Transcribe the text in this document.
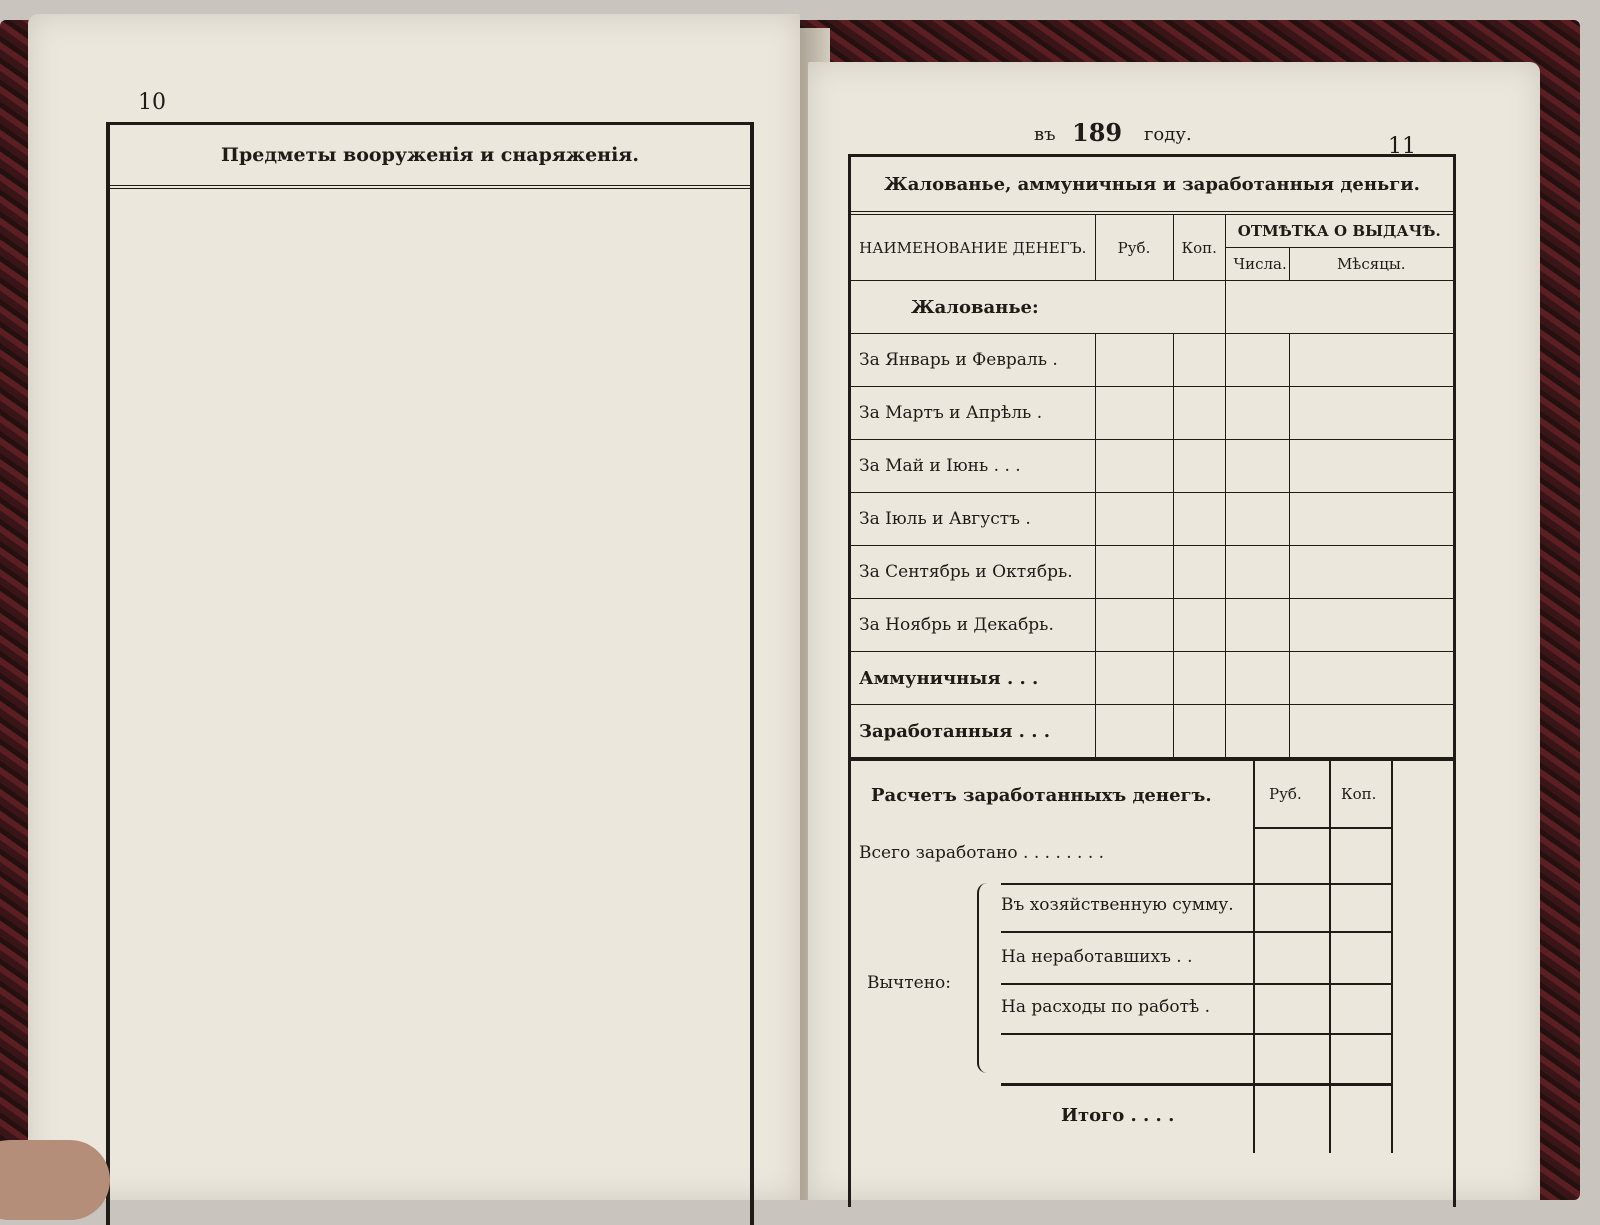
10
Предметы вооруженія и снаряженія.
въ 189 году.	11
Жалованье, аммуничныя и заработанныя деньги.
НАИМЕНОВАНИЕ ДЕНЕГЪ.	Руб.	Коп.	ОТМѢТКА О ВЫДАЧѢ.	
			Числа.	Мѣсяцы.
Жалованье:				
За Январь и Февраль .				
За Мартъ и Апрѣль .				
За Май и Іюнь . . .				
За Іюль и Августъ .				
За Сентябрь и Октябрь.				
За Ноябрь и Декабрь.				
Аммуничныя . . .				
Заработанныя . . .				
Расчетъ заработанныхъ денегъ.	Руб.	Коп.
Всего заработано . . . . . . . .
Вычтено:
Въ хозяйственную сумму.
На неработавшихъ . .
На расходы по работѣ .
Итого . . . .
